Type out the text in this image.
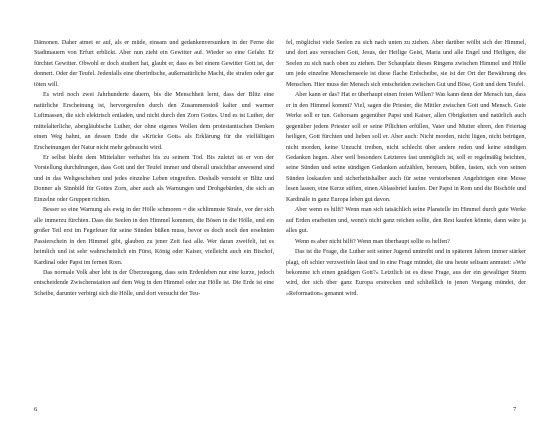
Dämonen. Daher atmet er auf, als er müde, einsam und gedankenversunken in der Ferne die Stadtmauern von Erfurt erblickt. Aber nun zieht ein Gewitter auf. Wieder so eine Gefahr. Er fürchtet Gewitter. Obwohl er doch studiert hat, glaubt er, dass es bei einem Gewitter Gott ist, der donnert. Oder der Teufel. Jedenfalls eine überirdische, außernatürliche Macht, die strafen oder gar töten will.

Es wird noch zwei Jahrhunderte dauern, bis die Menschheit lernt, dass der Blitz eine natürliche Erscheinung ist, hervorgerufen durch den Zusammenstoß kalter und warmer Luftmassen, die sich elektrisch entladen, und nicht durch den Zorn Gottes. Und es ist Luther, der mittelalterliche, abergläubische Luther, der ohne eigenes Wollen dem protestantischen Denken einen Weg bahnt, an dessen Ende die »Krücke Gott« als Erklärung für die vielfältigen Erscheinungen der Natur nicht mehr gebraucht wird.

Er selbst bleibt dem Mittelalter verhaftet bis zu seinem Tod. Bis zuletzt ist er von der Vorstellung durchdrungen, dass Gott und der Teufel immer und überall unsichtbar anwesend sind und in das Weltgeschehen und jedes einzelne Leben eingreifen. Deshalb versteht er Blitz und Donner als Sinnbild für Gottes Zorn, aber auch als Warnungen und Drohgebärden, die sich an Einzelne oder Gruppen richten.

Besser so eine Warnung als ewig in der Hölle schmoren = die schlimmste Strafe, vor der sich alle immerzu fürchten. Dass die Seelen in den Himmel kommen, die Bösen in die Hölle, und ein großer Teil erst im Fegefeuer für seine Sünden büßen muss, bevor es doch noch den ersehnten Passierschein in den Himmel gibt, glauben zu jener Zeit fast alle. Wer daran zweifelt, tut es heimlich und ist sehr wahrscheinlich ein Fürst, König oder Kaiser, vielleicht auch ein Bischof, Kardinal oder Papst im fernen Rom.

Das normale Volk aber lebt in der Überzeugung, dass sein Erdenleben nur eine kurze, jedoch entscheidende Zwischenstation auf dem Weg in den Himmel oder zur Hölle ist. Die Erde ist eine Scheibe, darunter verbirgt sich die Hölle, und dort versucht der Teu-

6

fel, möglichst viele Seelen zu sich nach unten zu ziehen. Aber darüber wölbt sich der Himmel, und dort aus versuchen Gott, Jesus, der Heilige Geist, Maria und alle Engel und Heiligen, die Seelen zu sich nach oben zu ziehen. Der Schauplatz dieses Ringens zwischen Himmel und Hölle um jede einzelne Menschenseele ist diese flache Erdscheibe, sie ist der Ort der Bewährung des Menschen. Hier muss der Mensch sich entscheiden zwischen Gut und Böse, Gott und dem Teufel.

Aber kann er das? Hat er überhaupt einen freien Willen? Was kann denn der Mensch tun, dass er in den Himmel kommt? Viel, sagen die Priester, die Mittler zwischen Gott und Mensch. Gute Werke soll er tun. Gehorsam gegenüber Papst und Kaiser, allen Obrigkeiten und natürlich auch gegenüber jedem Priester soll er seine Pflichten erfüllen, Vater und Mutter ehren, den Feiertag heiligen, Gott fürchten und lieben soll er. Aber auch: Nicht morden, nicht lügen, nicht betrügen, nicht morden, keine Unzucht treiben, nicht schlecht über andere reden und keine sündigen Gedanken hegen. Aber weil besonders Letzteres fast unmöglich ist, soll er regelmäßig beichten, seine Sünden und seine sündigen Gedanken aufzählen, bereuen, büßen, fasten, sich von seinen Sünden loskaufen und sicherheitshalber auch für seine verstorbenen Angehörigen eine Messe lesen lassen, eine Kerze stiften, einen Ablassbrief kaufen. Der Papst in Rom und die Bischöfe und Kardinäle in ganz Europa leben gut davon.

Aber wenn es hilft? Wenn man sich tatsächlich seine Planstelle im Himmel durch gute Werke auf Erden erarbeiten und, wenn's nicht ganz reichen sollte, den Rest kaufen könnte, dann wäre ja alles gut.

Wenn es aber nicht hilft? Wenn man überhaupt sollte es helfen?

Das ist die Frage, die Luther seit seiner Jugend umtreibt und in späteren Jahren immer stärker plagt, oft schier verzweifeln lässt und in eine Frage mündet, die uns heute seltsam anmutet: »Wie bekomme ich einen gnädigen Gott?« Letztlich ist es diese Frage, aus der ein gewaltiger Sturm wird, der sich über ganz Europa erstrecken und schließlich in jenen Vorgang mündet, der »Reformation« genannt wird.

7
